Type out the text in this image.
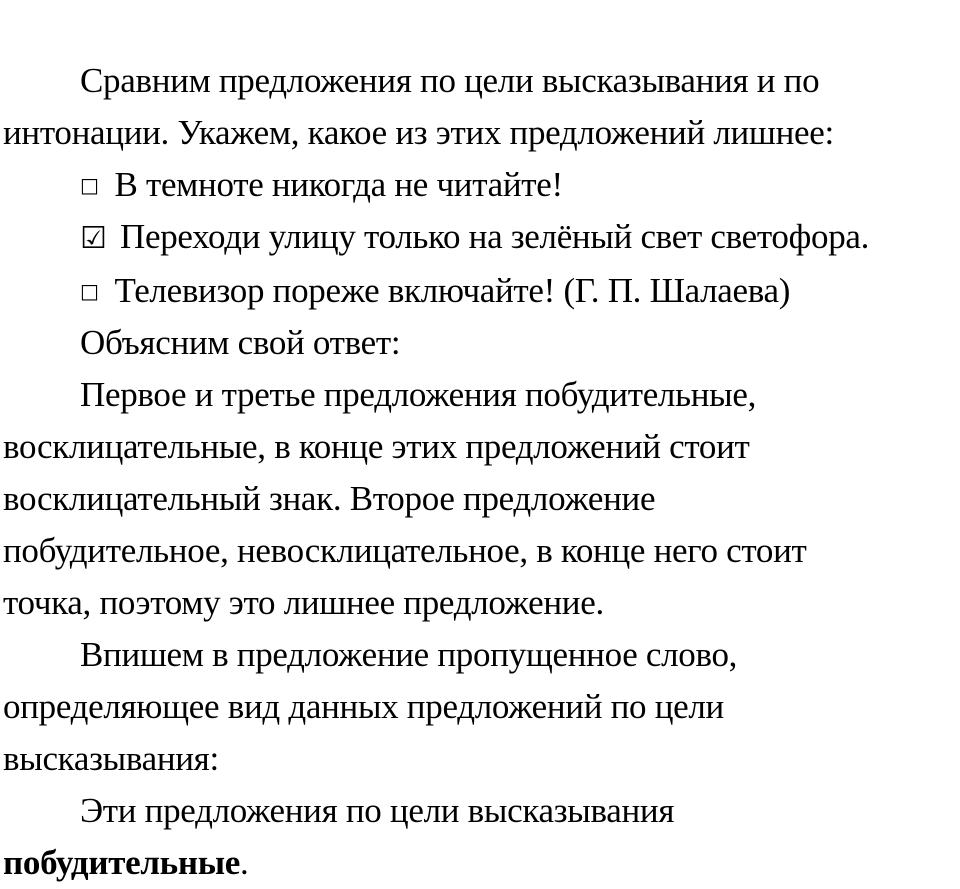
Сравним предложения по цели высказывания и по

интонации. Укажем, какое из этих предложений лишнее:

□ В темноте никогда не читайте!

☑ Переходи улицу только на зелёный свет светофора.

□ Телевизор пореже включайте! (Г. П. Шалаева)

Объясним свой ответ:

Первое и третье предложения побудительные,

восклицательные, в конце этих предложений стоит

восклицательный знак. Второе предложение

побудительное, невосклицательное, в конце него стоит

точка, поэтому это лишнее предложение.

Впишем в предложение пропущенное слово,

определяющее вид данных предложений по цели

высказывания:

Эти предложения по цели высказывания

побудительные.
